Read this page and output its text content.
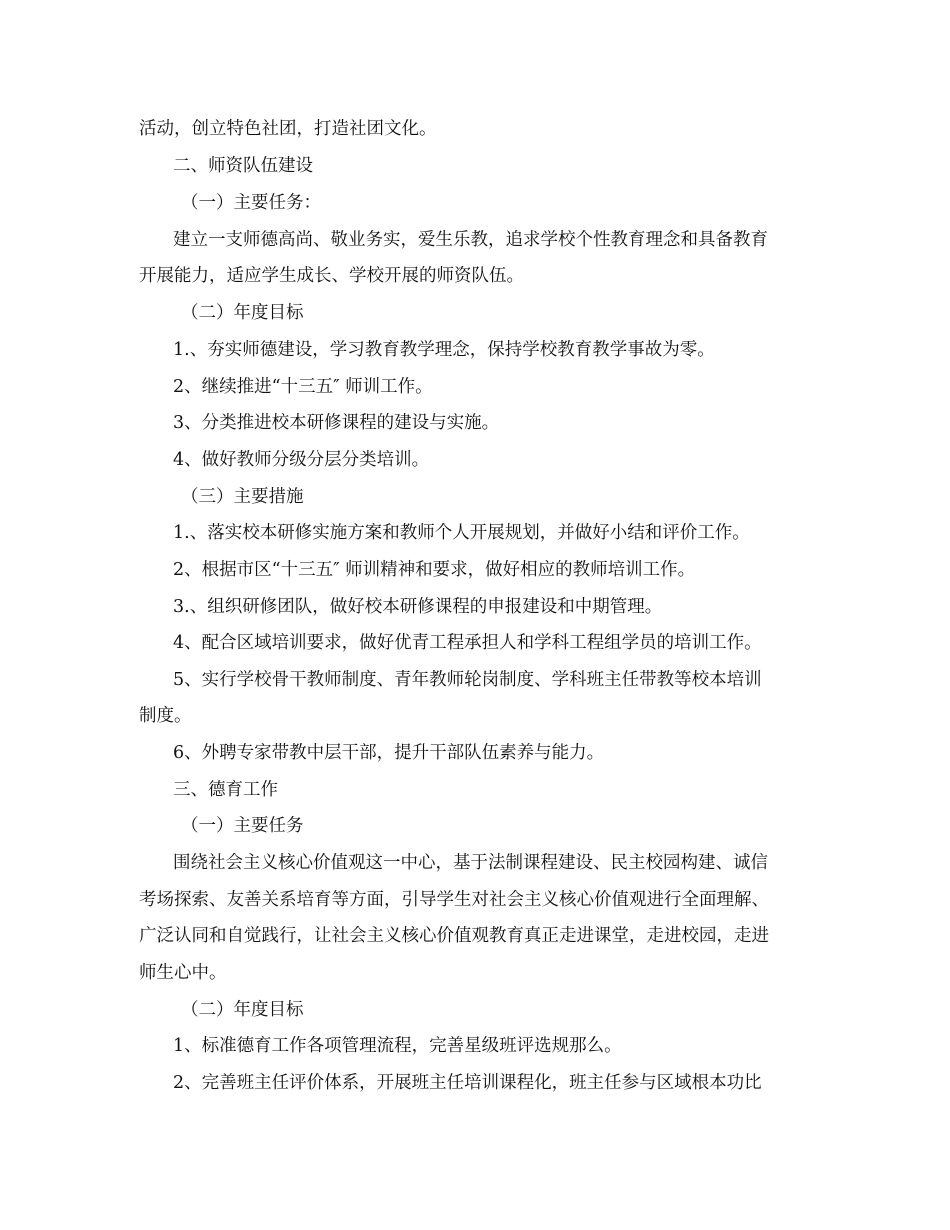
活动，创立特色社团，打造社团文化。
二、师资队伍建设
（一）主要任务：
建立一支师德高尚、敬业务实，爱生乐教，追求学校个性教育理念和具备教育
开展能力，适应学生成长、学校开展的师资队伍。
（二）年度目标
1.、夯实师德建设，学习教育教学理念，保持学校教育教学事故为零。
2、继续推进“十三五″ 师训工作。
3、分类推进校本研修课程的建设与实施。
4、做好教师分级分层分类培训。
（三）主要措施
1.、落实校本研修实施方案和教师个人开展规划，并做好小结和评价工作。
2、根据市区“十三五″ 师训精神和要求，做好相应的教师培训工作。
3.、组织研修团队，做好校本研修课程的申报建设和中期管理。
4、配合区域培训要求，做好优青工程承担人和学科工程组学员的培训工作。
5、实行学校骨干教师制度、青年教师轮岗制度、学科班主任带教等校本培训
制度。
6、外聘专家带教中层干部，提升干部队伍素养与能力。
三、德育工作
（一）主要任务
围绕社会主义核心价值观这一中心，基于法制课程建设、民主校园构建、诚信
考场探索、友善关系培育等方面，引导学生对社会主义核心价值观进行全面理解、
广泛认同和自觉践行，让社会主义核心价值观教育真正走进课堂，走进校园，走进
师生心中。
（二）年度目标
1、标准德育工作各项管理流程，完善星级班评选规那么。
2、完善班主任评价体系，开展班主任培训课程化，班主任参与区域根本功比
